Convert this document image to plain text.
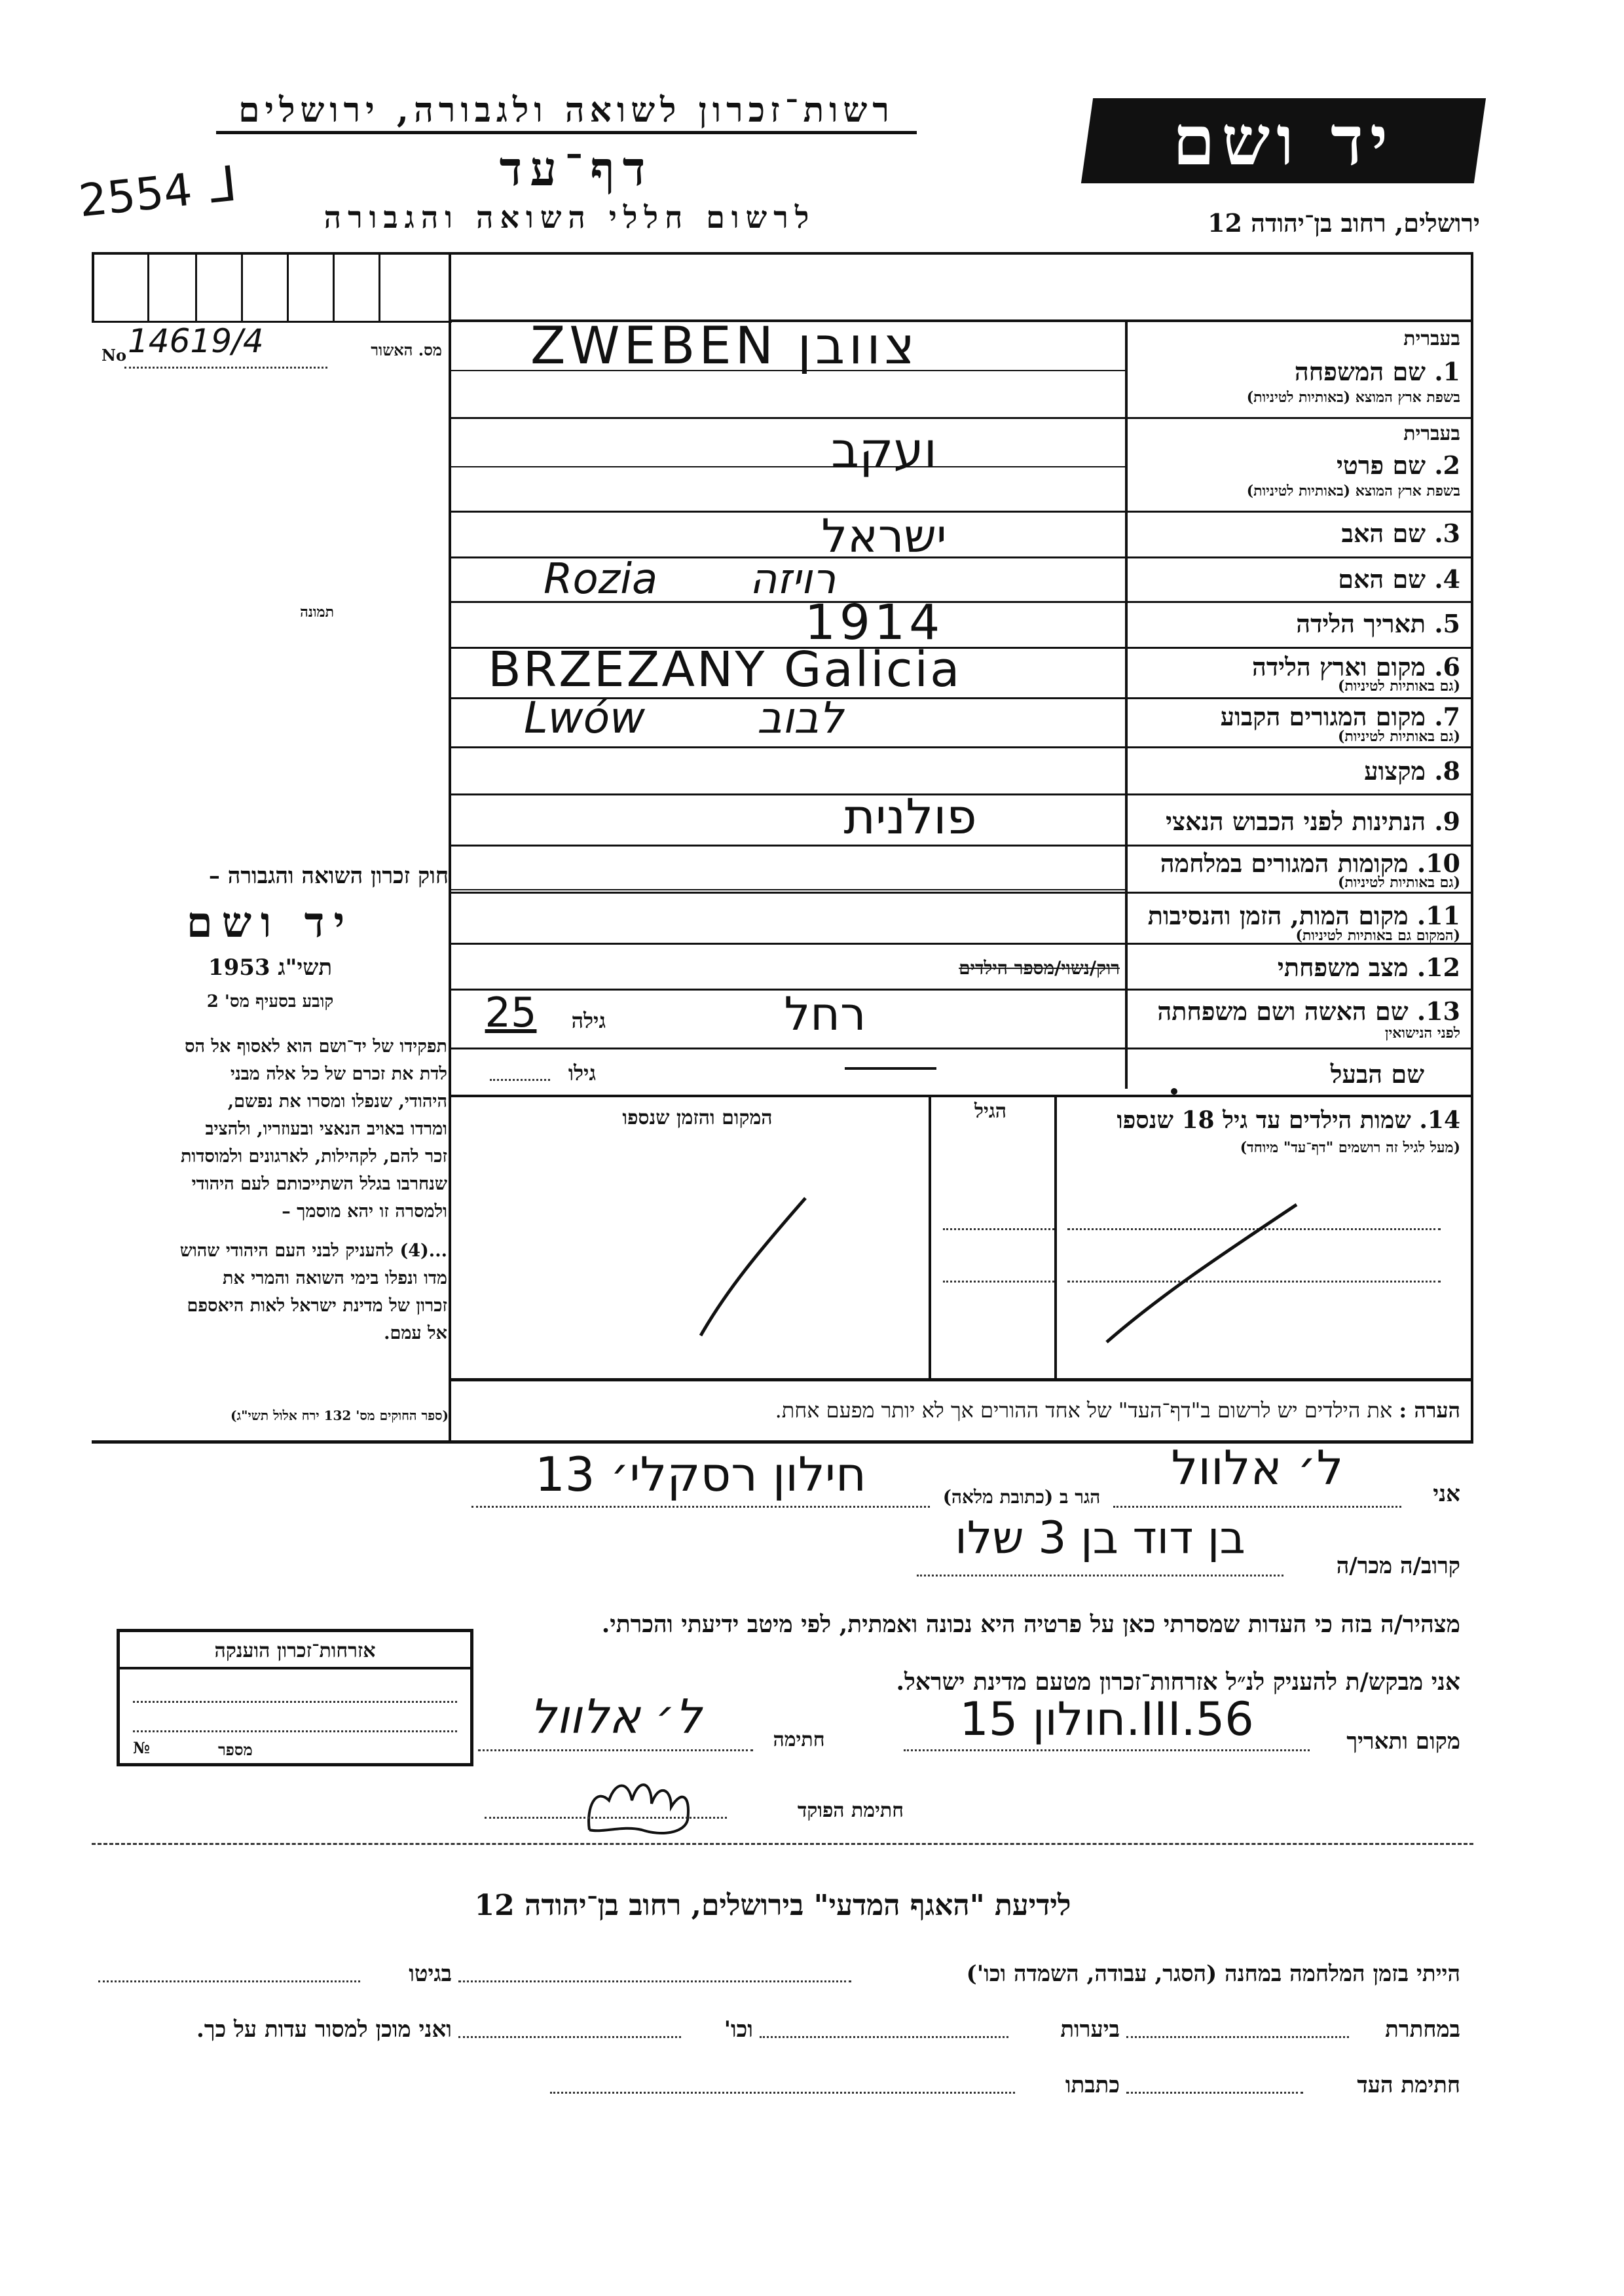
רשות־זכרון לשואה ולגבורה, ירושלים
דף־עד
לרשום חללי השואה והגבורה
2554 ᒧ
יד ושם
ירושלים, רחוב בן־יהודה 12
No 14619/4	מס. האשור
תמונה
בעברית
1. שם המשפחה
בשפת ארץ המוצא (באותיות לטיניות)
ZWEBEN צוובן
בעברית
2. שם פרטי
בשפת ארץ המוצא (באותיות לטיניות)
ועקב
3. שם האב
ישראל
4. שם האם
Rozia רויזה
5. תאריך הלידה
1914
6. מקום וארץ הלידה
(גם באותיות לטיניות)
BRZEZANY Galicia
7. מקום המגורים הקבוע
(גם באותיות לטיניות)
Lwów לבוב
8. מקצוע
9. הנתינות לפני הכבוש הנאצי
פולנית
10. מקומות המגורים במלחמה
(גם באותיות לטיניות)
11. מקום המות, הזמן והנסיבות
(המקום גם באותיות לטיניות)
12. מצב משפחתי
רוק/נשוי/מספר הילדים
13. שם האשה ושם משפחתה
לפני הנישואין
25	גילה	רחל
שם הבעל
גילו
14. שמות הילדים עד גיל 18 שנספו
(מעל לגיל זה רושמים "דף־עד" מיוחד)
הגיל
המקום והזמן שנספו
חוק זכרון השואה והגבורה –
יד ושם
תשי"ג 1953
קובע בסעיף מס' 2
תפקידו של יד־ושם הוא לאסוף אל הס
לדת את זכרם של כל אלה מבני
היהודי, שנפלו ומסרו את נפשם,
ומרדו באויב הנאצי ובעוזריו, ולהציב
זכר להם, לקהילות, לארגונים ולמוסדות
שנחרבו בגלל השתייכותם לעם היהודי
ולמסרה זו יהא מוסמך –
...(4) להעניק לבני העם היהודי שהוש
מדו ונפלו בימי השואה והמרי את
זכרון של מדינת ישראל לאות היאספם
אל עמם.
(ספר החוקים מס' 132 ירח אלול תשי"ג)	הערה : את הילדים יש לרשום ב"דף־העד" של אחד ההורים אך לא יותר מפעם אחת.
אני
ל׳ אלוול
הגר ב (כתובת מלאה)
חילון רסקלי׳ 13
קרוב/ה מכר/ה
בן דוד בן 3 שלו
מצהיר/ה בזה כי העדות שמסרתי כאן על פרטיה היא נכונה ואמתית, לפי מיטב ידיעתי והכרתי.
אני מבקש/ת להעניק לנ״ל אזרחות־זכרון מטעם מדינת ישראל.
מקום ותאריך
חולון 15.III.56
חתימה
ל׳ אלוול
חתימת הפוקד
אזרחות־זכרון הוענקה
מספר
№
לידיעת "האגף המדעי" בירושלים, רחוב בן־יהודה 12
הייתי בזמן המלחמה במחנה (הסגר, עבודה, השמדה וכו')
בגיטו
במחתרת
ביערות
וכו'
ואני מוכן למסור עדות על כך.
חתימת העד
כתבתו
